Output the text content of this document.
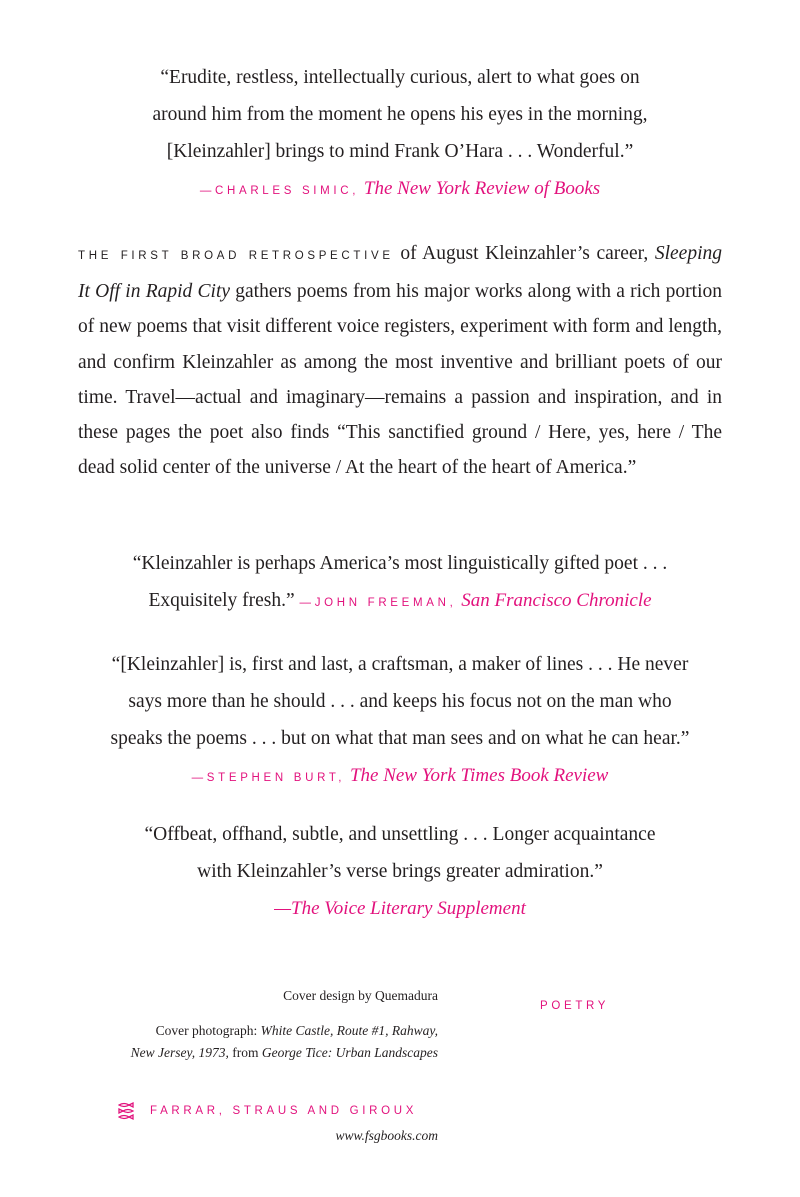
“Erudite, restless, intellectually curious, alert to what goes on
around him from the moment he opens his eyes in the morning,
[Kleinzahler] brings to mind Frank O’Hara . . . Wonderful.”
—CHARLES SIMIC, The New York Review of Books
THE FIRST BROAD RETROSPECTIVE of August Kleinzahler’s career, Sleeping It Off in Rapid City gathers poems from his major works along with a rich portion of new poems that visit different voice registers, experiment with form and length, and confirm Kleinzahler as among the most inventive and brilliant poets of our time. Travel—actual and imaginary—remains a passion and inspiration, and in these pages the poet also finds “This sanctified ground / Here, yes, here / The dead solid center of the universe / At the heart of the heart of America.”
“Kleinzahler is perhaps America’s most linguistically gifted poet . . .
Exquisitely fresh.” —JOHN FREEMAN, San Francisco Chronicle
“[Kleinzahler] is, first and last, a craftsman, a maker of lines . . . He never
says more than he should . . . and keeps his focus not on the man who
speaks the poems . . . but on what that man sees and on what he can hear.”
—STEPHEN BURT, The New York Times Book Review
“Offbeat, offhand, subtle, and unsettling . . . Longer acquaintance
with Kleinzahler’s verse brings greater admiration.”
—The Voice Literary Supplement
Cover design by Quemadura
Cover photograph: White Castle, Route #1, Rahway,
New Jersey, 1973, from George Tice: Urban Landscapes
POETRY
FARRAR, STRAUS AND GIROUX
www.fsgbooks.com
